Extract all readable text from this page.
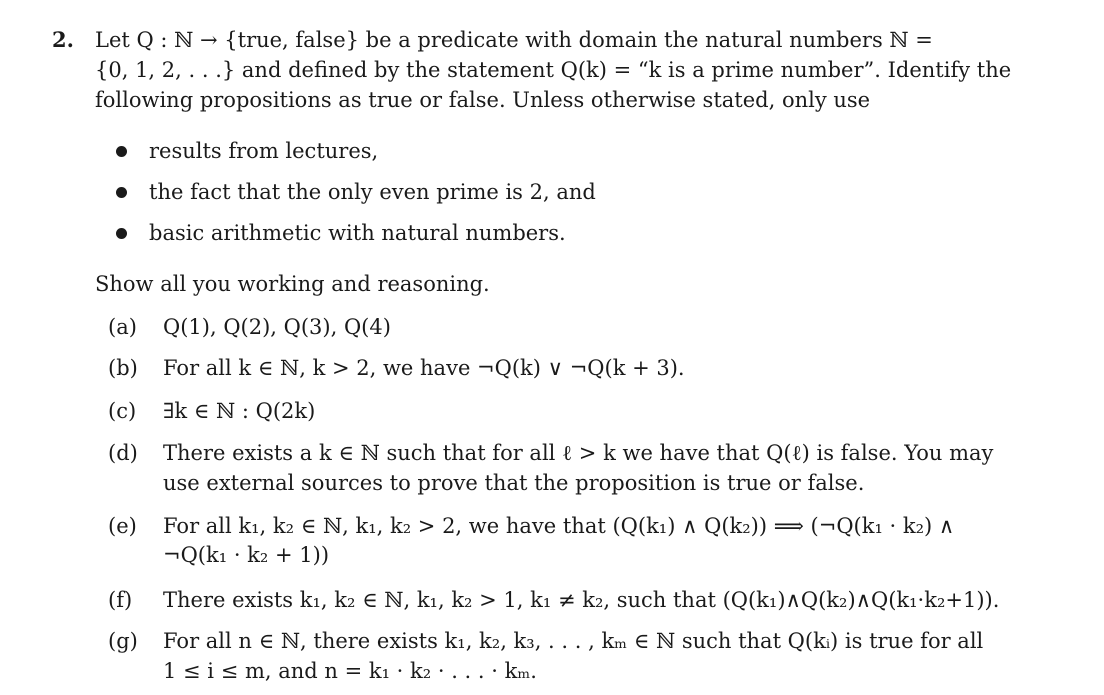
2. Let Q : ℕ → {true, false} be a predicate with domain the natural numbers ℕ =
{0, 1, 2, . . .} and defined by the statement Q(k) = “k is a prime number”. Identify the
following propositions as true or false. Unless otherwise stated, only use
results from lectures,
the fact that the only even prime is 2, and
basic arithmetic with natural numbers.
Show all you working and reasoning.
(a) Q(1), Q(2), Q(3), Q(4)
(b) For all k ∈ ℕ, k > 2, we have ¬Q(k) ∨ ¬Q(k + 3).
(c) ∃k ∈ ℕ : Q(2k)
(d) There exists a k ∈ ℕ such that for all ℓ > k we have that Q(ℓ) is false. You may
use external sources to prove that the proposition is true or false.
(e) For all k₁, k₂ ∈ ℕ, k₁, k₂ > 2, we have that (Q(k₁) ∧ Q(k₂)) ⟹ (¬Q(k₁ · k₂) ∧
¬Q(k₁ · k₂ + 1))
(f) There exists k₁, k₂ ∈ ℕ, k₁, k₂ > 1, k₁ ≠ k₂, such that (Q(k₁)∧Q(k₂)∧Q(k₁·k₂+1)).
(g) For all n ∈ ℕ, there exists k₁, k₂, k₃, . . . , kₘ ∈ ℕ such that Q(kᵢ) is true for all
1 ≤ i ≤ m, and n = k₁ · k₂ · . . . · kₘ.
